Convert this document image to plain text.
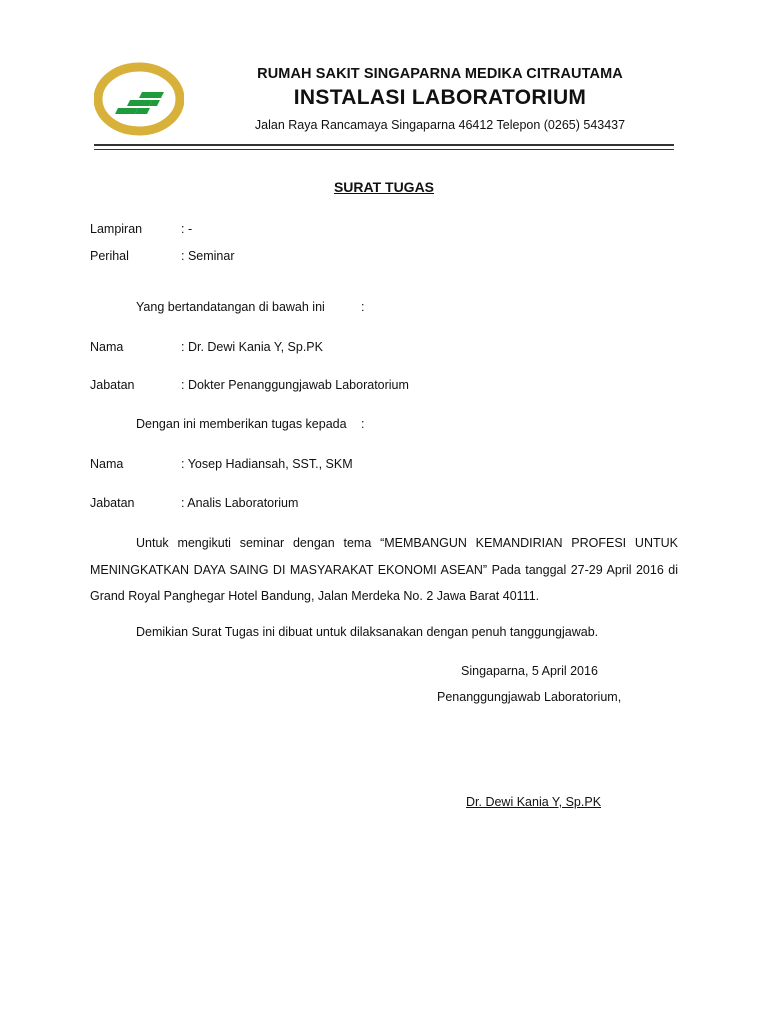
RUMAH SAKIT SINGAPARNA MEDIKA CITRAUTAMA
INSTALASI LABORATORIUM
Jalan Raya Rancamaya Singaparna 46412 Telepon (0265) 543437
SURAT TUGAS
Lampiran	: -
Perihal	: Seminar
Yang bertandatangan di bawah ini	:
Nama	: Dr. Dewi Kania Y, Sp.PK
Jabatan	: Dokter Penanggungjawab Laboratorium
Dengan ini memberikan tugas kepada :
Nama	: Yosep Hadiansah, SST., SKM
Jabatan	: Analis Laboratorium
Untuk mengikuti seminar dengan tema “MEMBANGUN KEMANDIRIAN PROFESI UNTUK MENINGKATKAN DAYA SAING DI MASYARAKAT EKONOMI ASEAN” Pada tanggal 27-29 April 2016 di Grand Royal Panghegar Hotel Bandung, Jalan Merdeka No. 2 Jawa Barat 40111.
Demikian Surat Tugas ini dibuat untuk dilaksanakan dengan penuh tanggungjawab.
Singaparna, 5 April 2016
Penanggungjawab Laboratorium,
Dr. Dewi Kania Y, Sp.PK
